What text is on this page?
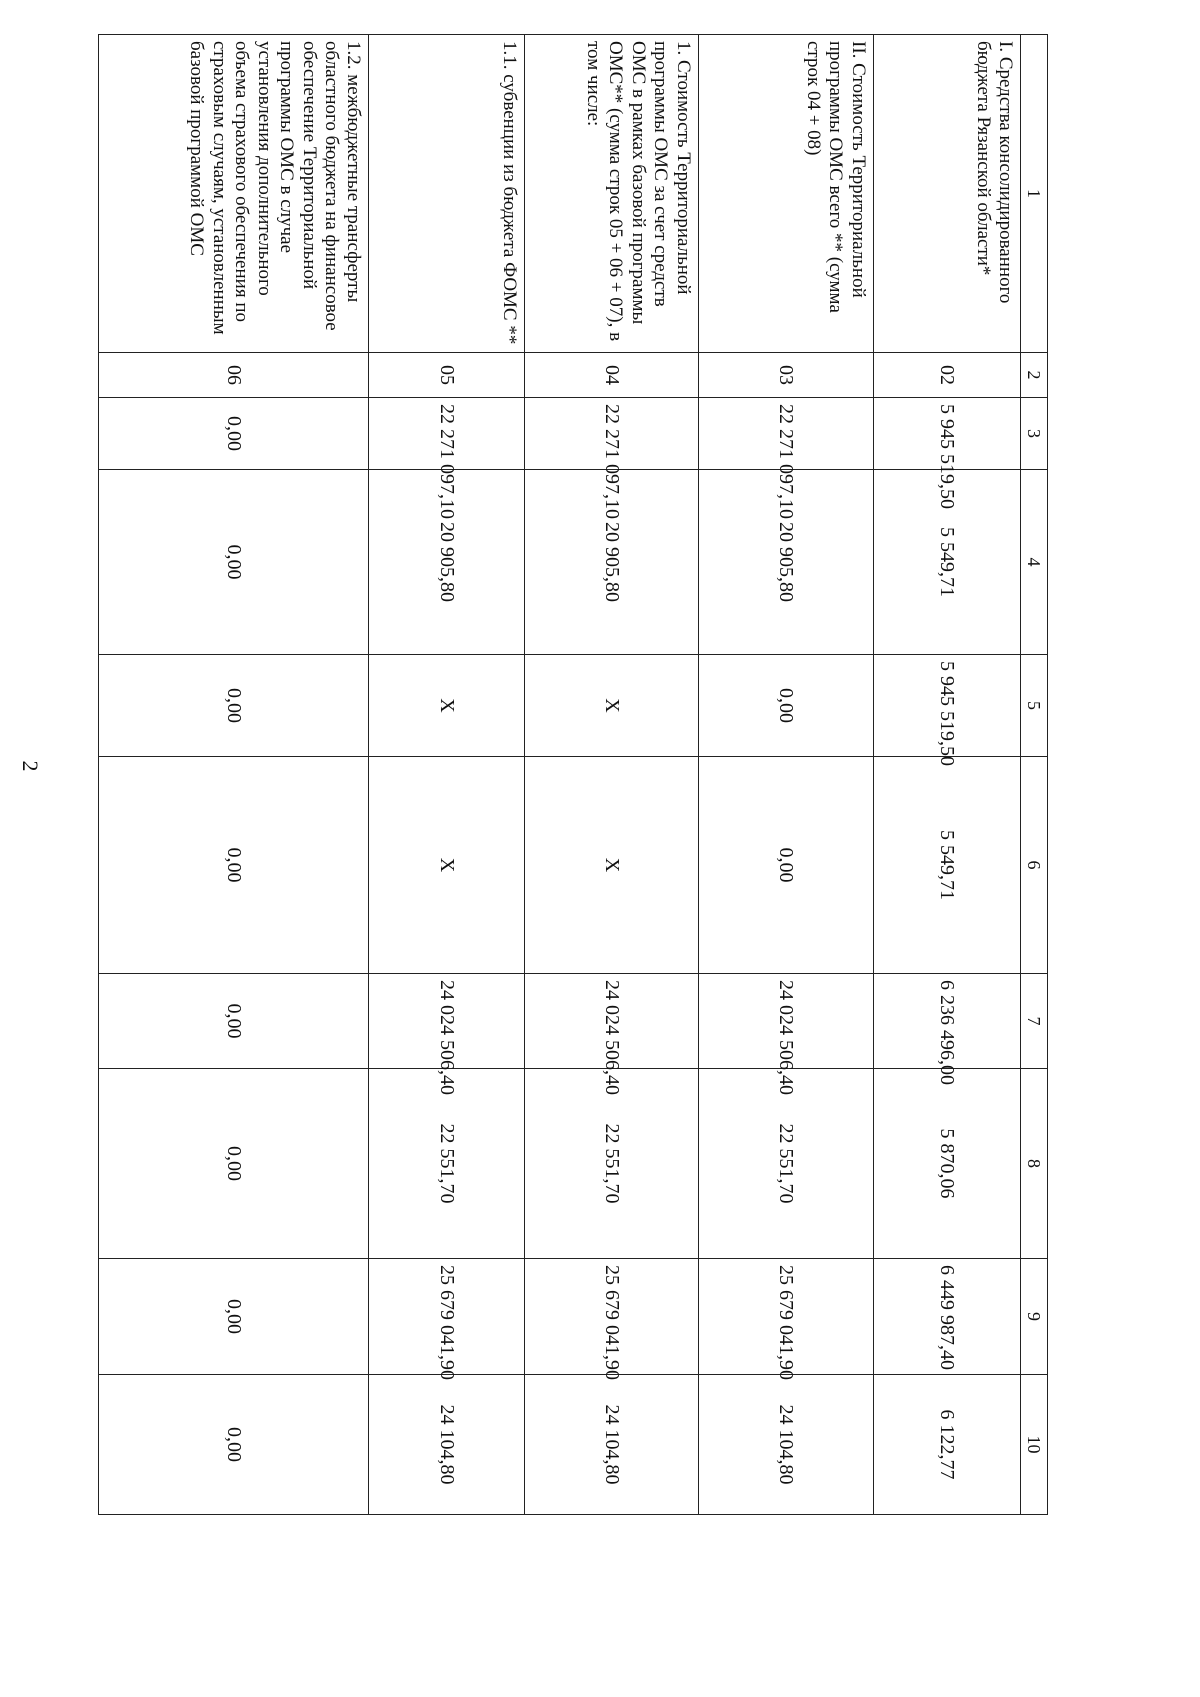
2
1	2	3	4	5	6	7	8	9	10
I. Средства консолидированного бюджета Рязанской области*	02	5 945 519,50	5 549,71	5 945 519,50	5 549,71	6 236 496,00	5 870,06	6 449 987,40	6 122,77
II. Стоимость Территориальной программы ОМС всего ** (сумма строк 04 + 08)	03	22 271 097,10	20 905,80	0,00	0,00	24 024 506,40	22 551,70	25 679 041,90	24 104,80
1. Стоимость Территориальной программы ОМС за счет средств ОМС в рамках базовой программы ОМС** (сумма строк 05 + 06 + 07), в том числе:	04	22 271 097,10	20 905,80	X	X	24 024 506,40	22 551,70	25 679 041,90	24 104,80
1.1. субвенции из бюджета ФОМС **	05	22 271 097,10	20 905,80	X	X	24 024 506,40	22 551,70	25 679 041,90	24 104,80
1.2. межбюджетные трансферты областного бюджета на финансовое обеспечение Территориальной программы ОМС в случае установления дополнительного объема страхового обеспечения по страховым случаям, установленным базовой программой ОМС	06	0,00	0,00	0,00	0,00	0,00	0,00	0,00	0,00
